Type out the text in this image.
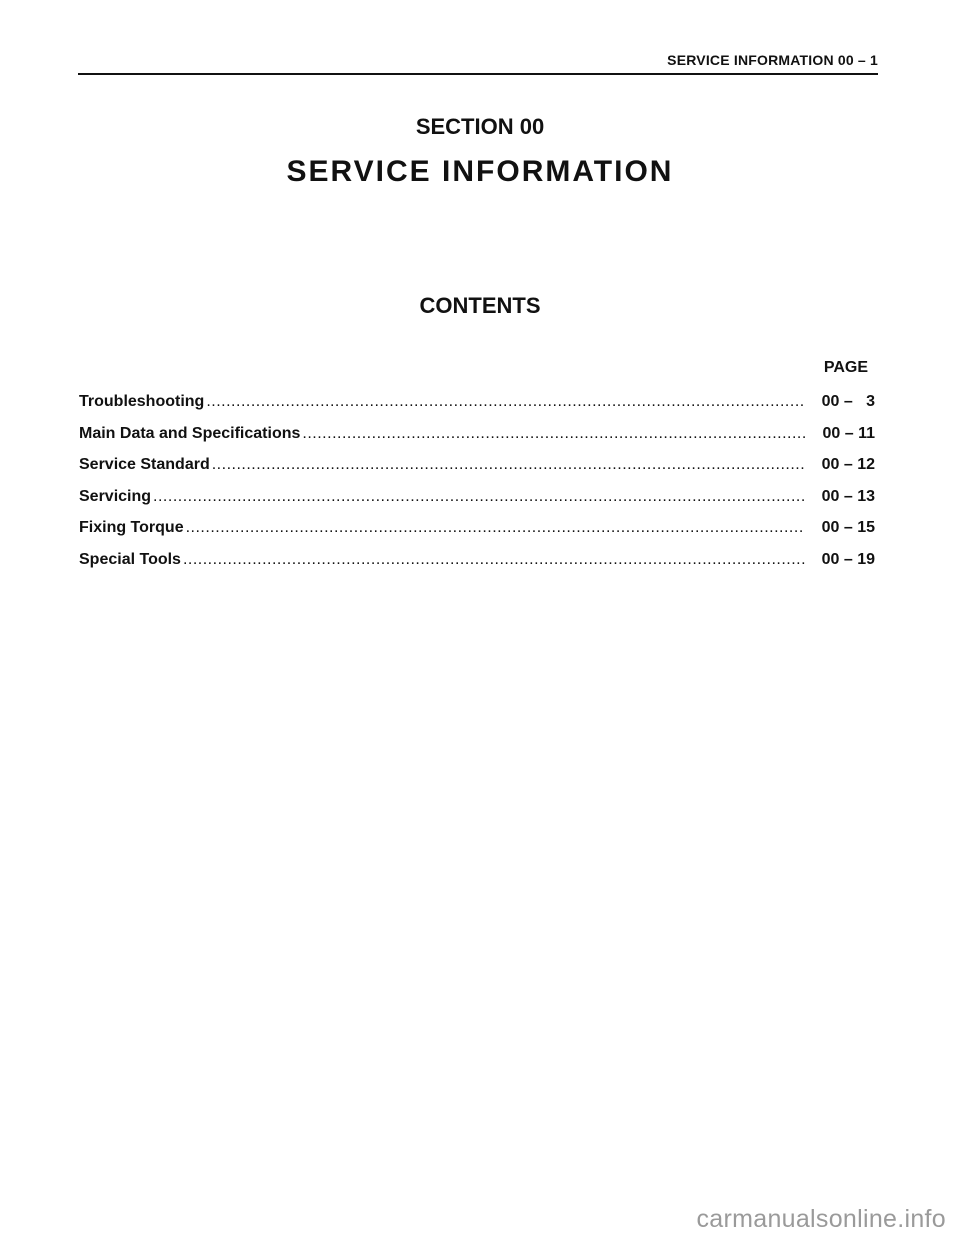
SERVICE INFORMATION 00 – 1
SECTION 00
SERVICE INFORMATION
CONTENTS
PAGE
Troubleshooting .....	00 –   3
Main Data and Specifications .....	00 – 11
Service Standard .....	00 – 12
Servicing .....	00 – 13
Fixing Torque .....	00 – 15
Special Tools .....	00 – 19
carmanualsonline.info
